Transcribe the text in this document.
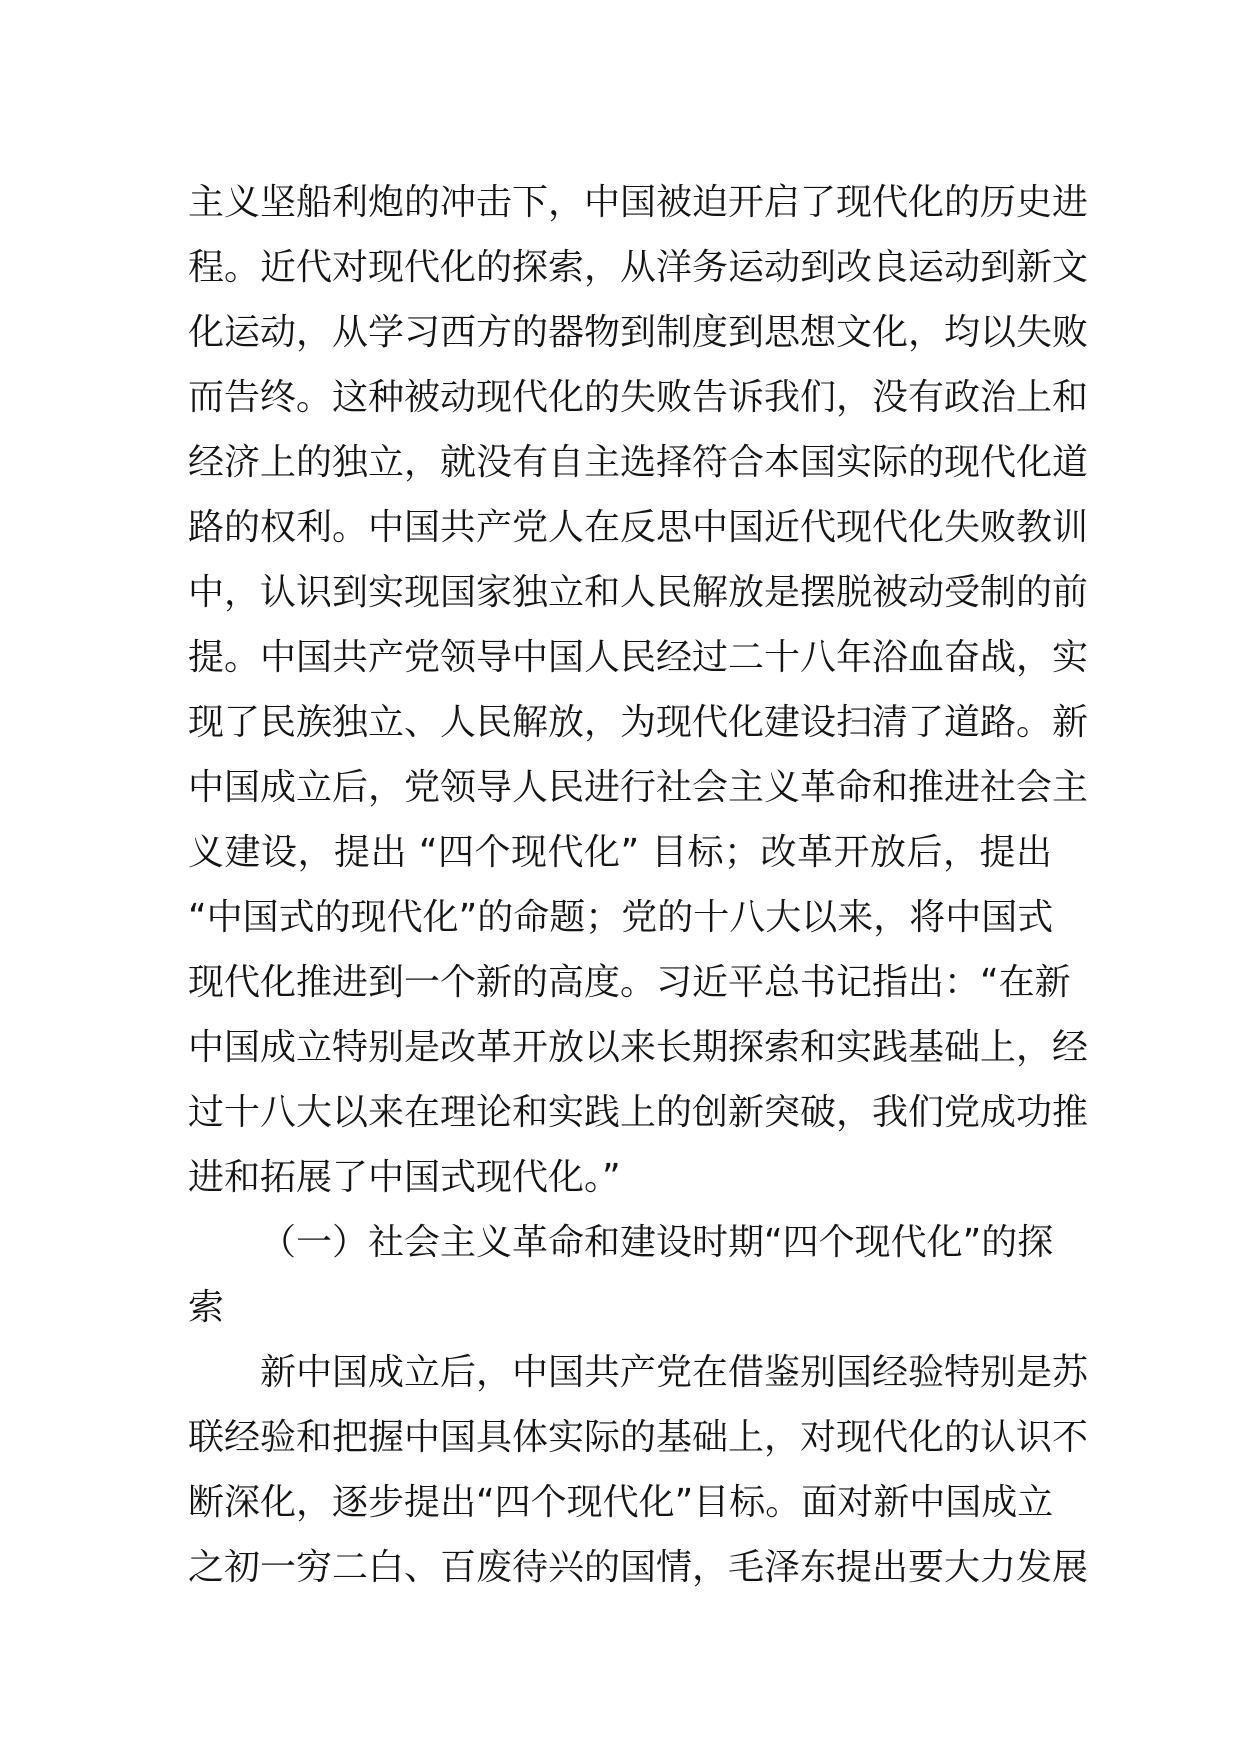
主义坚船利炮的冲击下，中国被迫开启了现代化的历史进
程。近代对现代化的探索，从洋务运动到改良运动到新文
化运动，从学习西方的器物到制度到思想文化，均以失败
而告终。这种被动现代化的失败告诉我们，没有政治上和
经济上的独立，就没有自主选择符合本国实际的现代化道
路的权利。中国共产党人在反思中国近代现代化失败教训
中，认识到实现国家独立和人民解放是摆脱被动受制的前
提。中国共产党领导中国人民经过二十八年浴血奋战，实
现了民族独立、人民解放，为现代化建设扫清了道路。新
中国成立后，党领导人民进行社会主义革命和推进社会主
义建设，提出 “四个现代化” 目标；改革开放后，提出
“中国式的现代化”的命题；党的十八大以来，将中国式
现代化推进到一个新的高度。习近平总书记指出：“在新
中国成立特别是改革开放以来长期探索和实践基础上，经
过十八大以来在理论和实践上的创新突破，我们党成功推
进和拓展了中国式现代化。”
（一）社会主义革命和建设时期“四个现代化”的探
索
新中国成立后，中国共产党在借鉴别国经验特别是苏
联经验和把握中国具体实际的基础上，对现代化的认识不
断深化，逐步提出“四个现代化”目标。面对新中国成立
之初一穷二白、百废待兴的国情，毛泽东提出要大力发展
